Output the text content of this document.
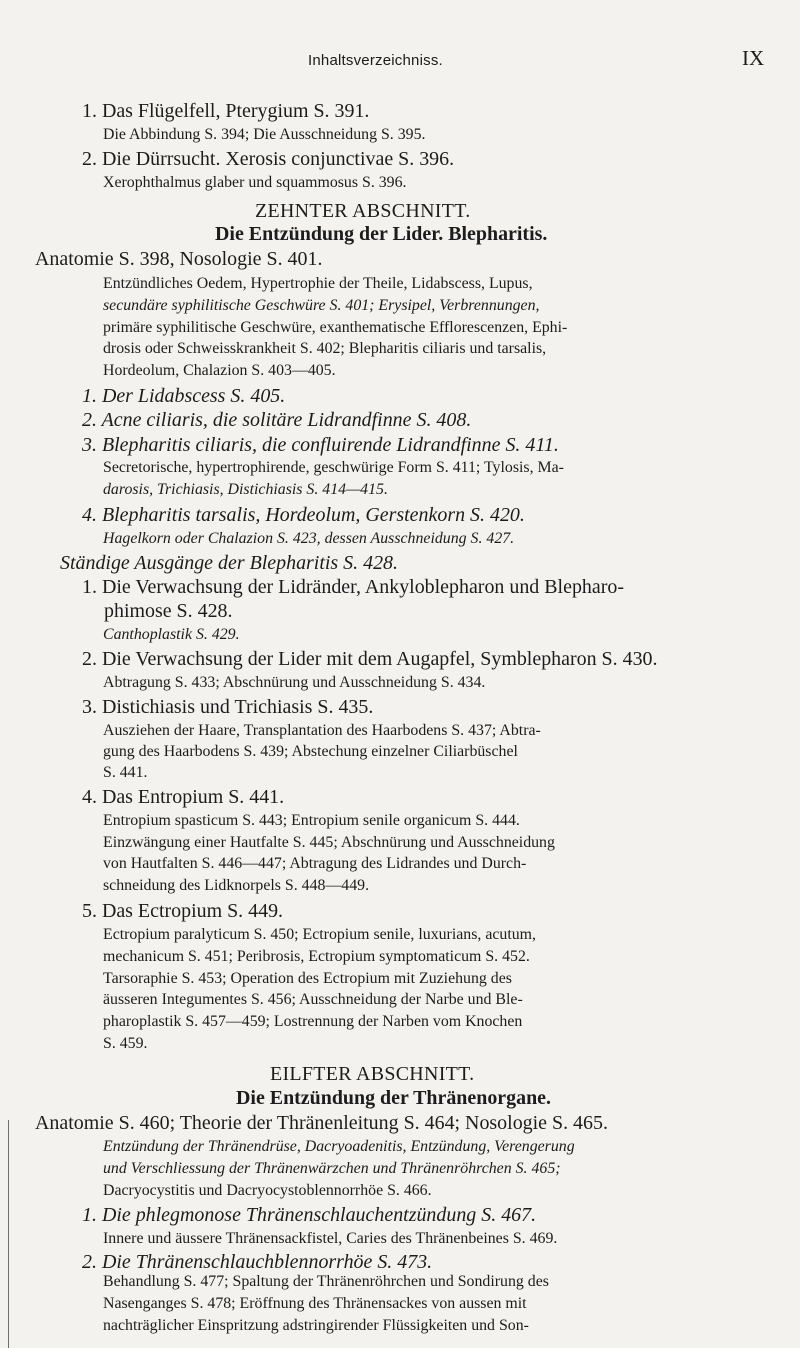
Inhaltsverzeichniss.	IX
1. Das Flügelfell, Pterygium S. 391.
Die Abbindung S. 394; Die Ausschneidung S. 395.
2. Die Dürrsucht. Xerosis conjunctivae S. 396.
Xerophthalmus glaber und squammosus S. 396.
ZEHNTER ABSCHNITT.
Die Entzündung der Lider. Blepharitis.
Anatomie S. 398, Nosologie S. 401.
Entzündliches Oedem, Hypertrophie der Theile, Lidabscess, Lupus,
secundäre syphilitische Geschwüre S. 401; Erysipel, Verbrennungen,
primäre syphilitische Geschwüre, exanthematische Efflorescenzen, Ephi-
drosis oder Schweisskrankheit S. 402; Blepharitis ciliaris und tarsalis,
Hordeolum, Chalazion S. 403—405.
1. Der Lidabscess S. 405.
2. Acne ciliaris, die solitäre Lidrandfinne S. 408.
3. Blepharitis ciliaris, die confluirende Lidrandfinne S. 411.
Secretorische, hypertrophirende, geschwürige Form S. 411; Tylosis, Ma-
darosis, Trichiasis, Distichiasis S. 414—415.
4. Blepharitis tarsalis, Hordeolum, Gerstenkorn S. 420.
Hagelkorn oder Chalazion S. 423, dessen Ausschneidung S. 427.
Ständige Ausgänge der Blepharitis S. 428.
1. Die Verwachsung der Lidränder, Ankyloblepharon und Blepharo-
phimose S. 428.
Canthoplastik S. 429.
2. Die Verwachsung der Lider mit dem Augapfel, Symblepharon S. 430.
Abtragung S. 433; Abschnürung und Ausschneidung S. 434.
3. Distichiasis und Trichiasis S. 435.
Ausziehen der Haare, Transplantation des Haarbodens S. 437; Abtra-
gung des Haarbodens S. 439; Abstechung einzelner Ciliarbüschel
S. 441.
4. Das Entropium S. 441.
Entropium spasticum S. 443; Entropium senile organicum S. 444.
Einzwängung einer Hautfalte S. 445; Abschnürung und Ausschneidung
von Hautfalten S. 446—447; Abtragung des Lidrandes und Durch-
schneidung des Lidknorpels S. 448—449.
5. Das Ectropium S. 449.
Ectropium paralyticum S. 450; Ectropium senile, luxurians, acutum,
mechanicum S. 451; Peribrosis, Ectropium symptomaticum S. 452.
Tarsoraphie S. 453; Operation des Ectropium mit Zuziehung des
äusseren Integumentes S. 456; Ausschneidung der Narbe und Ble-
pharoplastik S. 457—459; Lostrennung der Narben vom Knochen
S. 459.
EILFTER ABSCHNITT.
Die Entzündung der Thränenorgane.
Anatomie S. 460; Theorie der Thränenleitung S. 464; Nosologie S. 465.
Entzündung der Thränendrüse, Dacryoadenitis, Entzündung, Verengerung
und Verschliessung der Thränenwärzchen und Thränenröhrchen S. 465;
Dacryocystitis und Dacryocystoblennorrhöe S. 466.
1. Die phlegmonose Thränenschlauchentzündung S. 467.
Innere und äussere Thränensackfistel, Caries des Thränenbeines S. 469.
2. Die Thränenschlauchblennorrhöe S. 473.
Behandlung S. 477; Spaltung der Thränenröhrchen und Sondirung des
Nasenganges S. 478; Eröffnung des Thränensackes von aussen mit
nachträglicher Einspritzung adstringirender Flüssigkeiten und Son-
